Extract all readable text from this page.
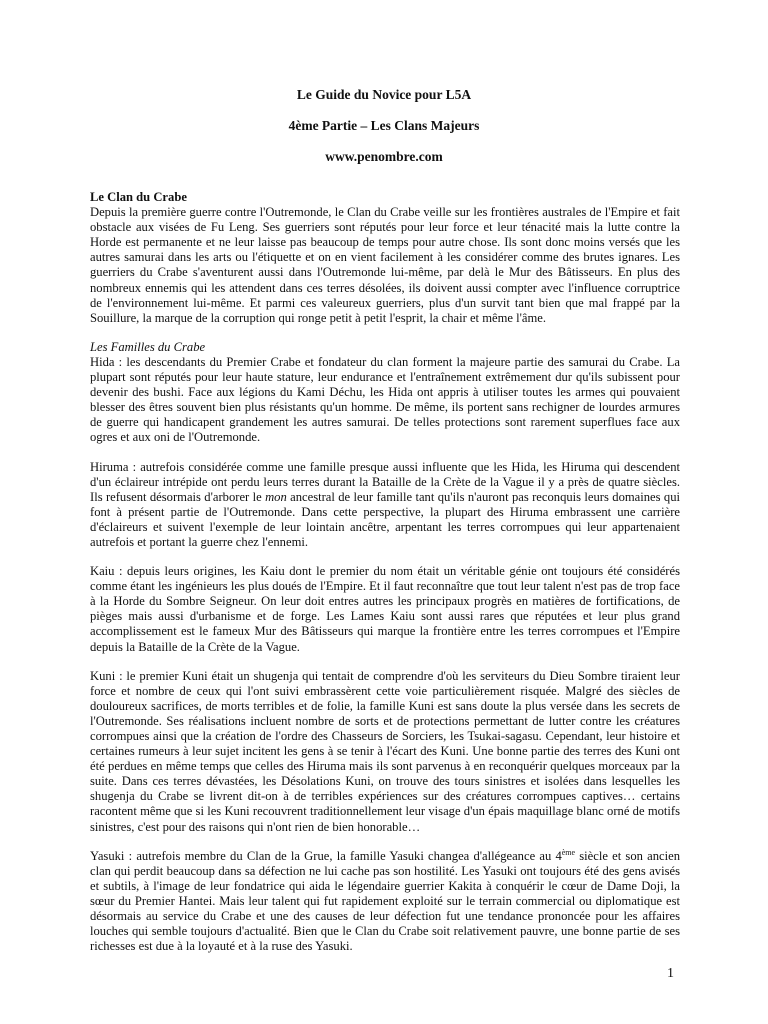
Le Guide du Novice pour L5A
4ème Partie – Les Clans Majeurs
www.penombre.com

Le Clan du Crabe
Depuis la première guerre contre l'Outremonde, le Clan du Crabe veille sur les frontières australes de l'Empire et fait obstacle aux visées de Fu Leng. Ses guerriers sont réputés pour leur force et leur ténacité mais la lutte contre la Horde est permanente et ne leur laisse pas beaucoup de temps pour autre chose. Ils sont donc moins versés que les autres samurai dans les arts ou l'étiquette et on en vient facilement à les considérer comme des brutes ignares. Les guerriers du Crabe s'aventurent aussi dans l'Outremonde lui-même, par delà le Mur des Bâtisseurs. En plus des nombreux ennemis qui les attendent dans ces terres désolées, ils doivent aussi compter avec l'influence corruptrice de l'environnement lui-même. Et parmi ces valeureux guerriers, plus d'un survit tant bien que mal frappé par la Souillure, la marque de la corruption qui ronge petit à petit l'esprit, la chair et même l'âme.

Les Familles du Crabe
Hida : les descendants du Premier Crabe et fondateur du clan forment la majeure partie des samurai du Crabe. La plupart sont réputés pour leur haute stature, leur endurance et l'entraînement extrêmement dur qu'ils subissent pour devenir des bushi. Face aux légions du Kami Déchu, les Hida ont appris à utiliser toutes les armes qui pouvaient blesser des êtres souvent bien plus résistants qu'un homme. De même, ils portent sans rechigner de lourdes armures de guerre qui handicapent grandement les autres samurai. De telles protections sont rarement superflues face aux ogres et aux oni de l'Outremonde.

Hiruma : autrefois considérée comme une famille presque aussi influente que les Hida, les Hiruma qui descendent d'un éclaireur intrépide ont perdu leurs terres durant la Bataille de la Crète de la Vague il y a près de quatre siècles. Ils refusent désormais d'arborer le mon ancestral de leur famille tant qu'ils n'auront pas reconquis leurs domaines qui font à présent partie de l'Outremonde. Dans cette perspective, la plupart des Hiruma embrassent une carrière d'éclaireurs et suivent l'exemple de leur lointain ancêtre, arpentant les terres corrompues qui leur appartenaient autrefois et portant la guerre chez l'ennemi.

Kaiu : depuis leurs origines, les Kaiu dont le premier du nom était un véritable génie ont toujours été considérés comme étant les ingénieurs les plus doués de l'Empire. Et il faut reconnaître que tout leur talent n'est pas de trop face à la Horde du Sombre Seigneur. On leur doit entres autres les principaux progrès en matières de fortifications, de pièges mais aussi d'urbanisme et de forge. Les Lames Kaiu sont aussi rares que réputées et leur plus grand accomplissement est le fameux Mur des Bâtisseurs qui marque la frontière entre les terres corrompues et l'Empire depuis la Bataille de la Crète de la Vague.

Kuni : le premier Kuni était un shugenja qui tentait de comprendre d'où les serviteurs du Dieu Sombre tiraient leur force et nombre de ceux qui l'ont suivi embrassèrent cette voie particulièrement risquée. Malgré des siècles de douloureux sacrifices, de morts terribles et de folie, la famille Kuni est sans doute la plus versée dans les secrets de l'Outremonde. Ses réalisations incluent nombre de sorts et de protections permettant de lutter contre les créatures corrompues ainsi que la création de l'ordre des Chasseurs de Sorciers, les Tsukai-sagasu. Cependant, leur histoire et certaines rumeurs à leur sujet incitent les gens à se tenir à l'écart des Kuni. Une bonne partie des terres des Kuni ont été perdues en même temps que celles des Hiruma mais ils sont parvenus à en reconquérir quelques morceaux par la suite. Dans ces terres dévastées, les Désolations Kuni, on trouve des tours sinistres et isolées dans lesquelles les shugenja du Crabe se livrent dit-on à de terribles expériences sur des créatures corrompues captives… certains racontent même que si les Kuni recouvrent traditionnellement leur visage d'un épais maquillage blanc orné de motifs sinistres, c'est pour des raisons qui n'ont rien de bien honorable…

Yasuki : autrefois membre du Clan de la Grue, la famille Yasuki changea d'allégeance au 4ème siècle et son ancien clan qui perdit beaucoup dans sa défection ne lui cache pas son hostilité. Les Yasuki ont toujours été des gens avisés et subtils, à l'image de leur fondatrice qui aida le légendaire guerrier Kakita à conquérir le cœur de Dame Doji, la sœur du Premier Hantei. Mais leur talent qui fut rapidement exploité sur le terrain commercial ou diplomatique est désormais au service du Crabe et une des causes de leur défection fut une tendance prononcée pour les affaires louches qui semble toujours d'actualité. Bien que le Clan du Crabe soit relativement pauvre, une bonne partie de ses richesses est due à la loyauté et à la ruse des Yasuki.

1
